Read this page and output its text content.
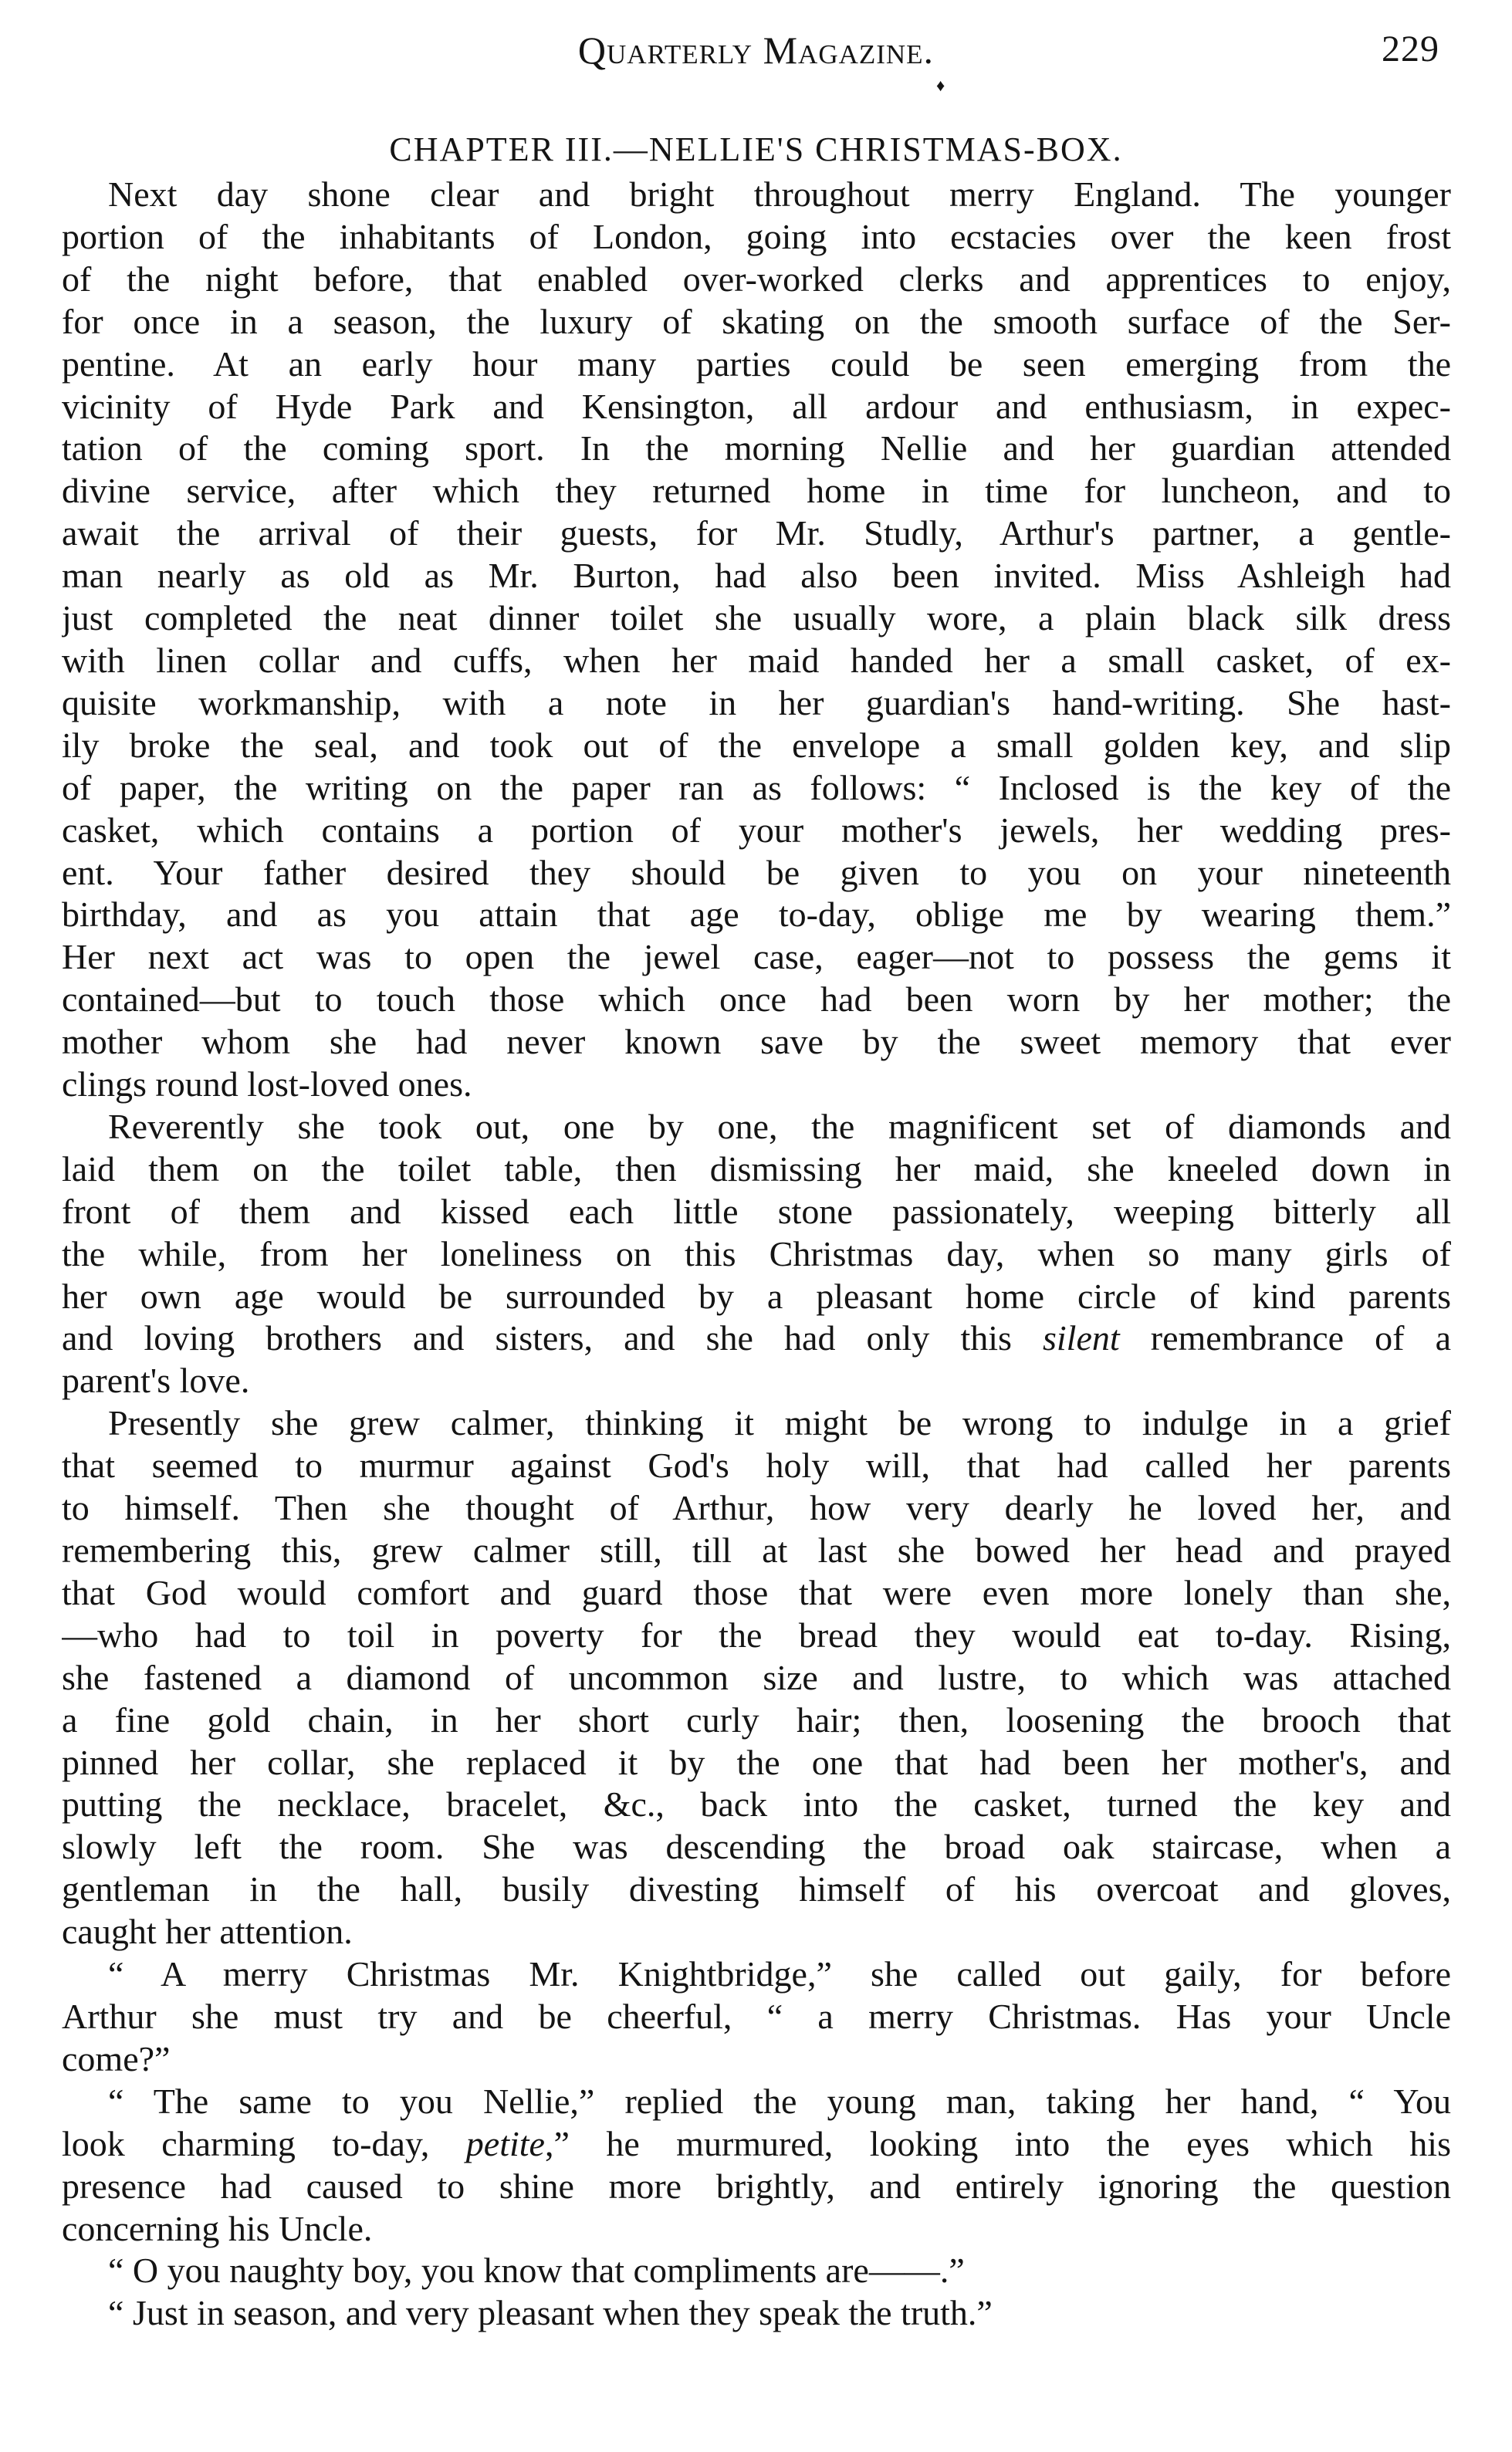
Quarterly Magazine.	229
♦
CHAPTER III.—NELLIE'S CHRISTMAS-BOX.
Next day shone clear and bright throughout merry England. The younger
portion of the inhabitants of London, going into ecstacies over the keen frost
of the night before, that enabled over-worked clerks and apprentices to enjoy,
for once in a season, the luxury of skating on the smooth surface of the Ser-
pentine. At an early hour many parties could be seen emerging from the
vicinity of Hyde Park and Kensington, all ardour and enthusiasm, in expec-
tation of the coming sport. In the morning Nellie and her guardian attended
divine service, after which they returned home in time for luncheon, and to
await the arrival of their guests, for Mr. Studly, Arthur's partner, a gentle-
man nearly as old as Mr. Burton, had also been invited. Miss Ashleigh had
just completed the neat dinner toilet she usually wore, a plain black silk dress
with linen collar and cuffs, when her maid handed her a small casket, of ex-
quisite workmanship, with a note in her guardian's hand-writing. She hast-
ily broke the seal, and took out of the envelope a small golden key, and slip
of paper, the writing on the paper ran as follows: “ Inclosed is the key of the
casket, which contains a portion of your mother's jewels, her wedding pres-
ent. Your father desired they should be given to you on your nineteenth
birthday, and as you attain that age to-day, oblige me by wearing them.”
Her next act was to open the jewel case, eager—not to possess the gems it
contained—but to touch those which once had been worn by her mother; the
mother whom she had never known save by the sweet memory that ever
clings round lost-loved ones.
Reverently she took out, one by one, the magnificent set of diamonds and
laid them on the toilet table, then dismissing her maid, she kneeled down in
front of them and kissed each little stone passionately, weeping bitterly all
the while, from her loneliness on this Christmas day, when so many girls of
her own age would be surrounded by a pleasant home circle of kind parents
and loving brothers and sisters, and she had only this silent remembrance of a
parent's love.
Presently she grew calmer, thinking it might be wrong to indulge in a grief
that seemed to murmur against God's holy will, that had called her parents
to himself. Then she thought of Arthur, how very dearly he loved her, and
remembering this, grew calmer still, till at last she bowed her head and prayed
that God would comfort and guard those that were even more lonely than she,
—who had to toil in poverty for the bread they would eat to-day. Rising,
she fastened a diamond of uncommon size and lustre, to which was attached
a fine gold chain, in her short curly hair; then, loosening the brooch that
pinned her collar, she replaced it by the one that had been her mother's, and
putting the necklace, bracelet, &c., back into the casket, turned the key and
slowly left the room. She was descending the broad oak staircase, when a
gentleman in the hall, busily divesting himself of his overcoat and gloves,
caught her attention.
“ A merry Christmas Mr. Knightbridge,” she called out gaily, for before
Arthur she must try and be cheerful, “ a merry Christmas. Has your Uncle
come?”
“ The same to you Nellie,” replied the young man, taking her hand, “ You
look charming to-day, petite,” he murmured, looking into the eyes which his
presence had caused to shine more brightly, and entirely ignoring the question
concerning his Uncle.
“ O you naughty boy, you know that compliments are——.”
“ Just in season, and very pleasant when they speak the truth.”
